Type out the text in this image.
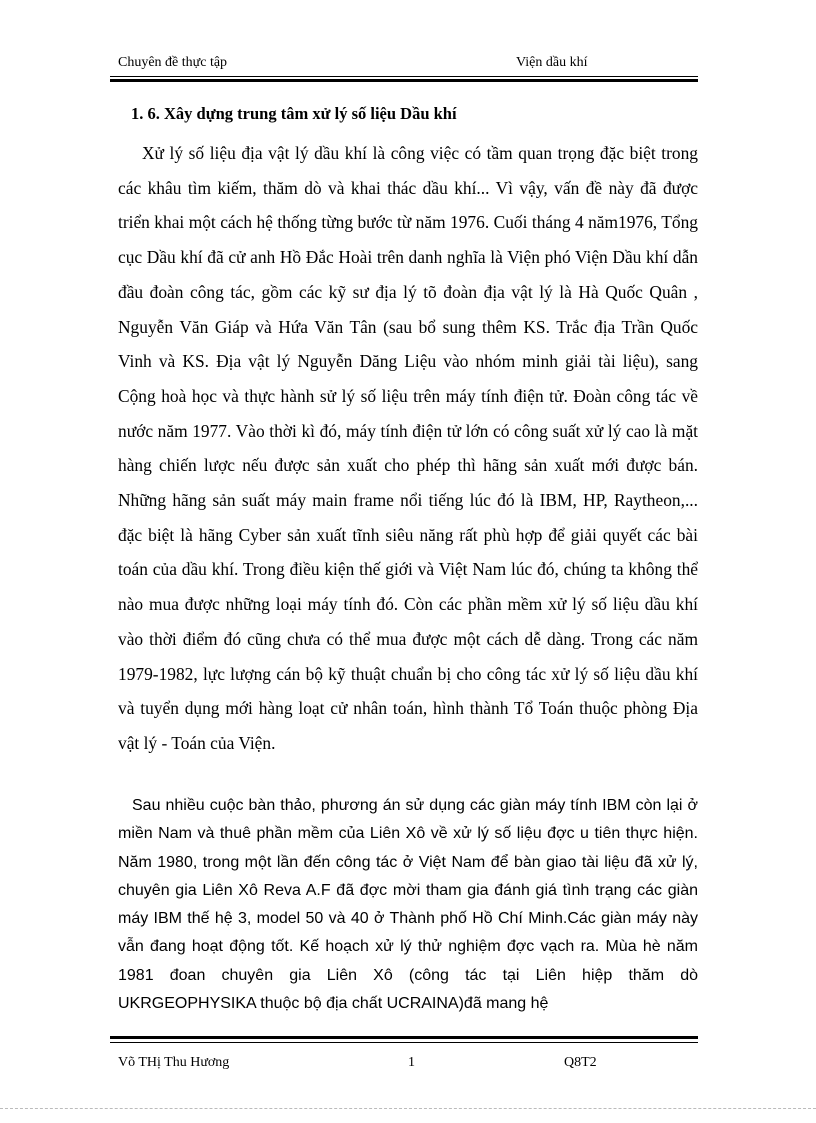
Chuyên đề thực tập	Viện dầu khí
1. 6. Xây dựng trung tâm xử lý số liệu Dầu khí

Xử lý số liệu địa vật lý dầu khí là công việc có tầm quan trọng đặc biệt trong các khâu tìm kiếm, thăm dò và khai thác dầu khí... Vì vậy, vấn đề này đã được triển khai một cách hệ thống từng bước từ năm 1976. Cuối tháng 4 năm1976, Tổng cục Dầu khí đã cử anh Hồ Đắc Hoài trên danh nghĩa là Viện phó Viện Dầu khí dẫn đầu đoàn công tác, gồm các kỹ sư địa lý tõ đoàn địa vật lý là Hà Quốc Quân , Nguyễn Văn Giáp và Hứa Văn Tân (sau bổ sung thêm KS. Trắc địa Trần Quốc Vinh và KS. Địa vật lý Nguyễn Dăng Liệu vào nhóm minh giải tài liệu), sang Cộng hoà học và thực hành sử lý số liệu trên máy tính điện tử. Đoàn công tác về nước năm 1977. Vào thời kì đó, máy tính điện tử lớn có công suất xử lý cao là mặt hàng chiến lược nếu được sản xuất cho phép thì hãng sản xuất mới được bán. Những hãng sản suất máy main frame nổi tiếng lúc đó là IBM, HP, Raytheon,... đặc biệt là hãng Cyber sản xuất tĩnh siêu năng rất phù hợp để giải quyết các bài toán của dầu khí. Trong điều kiện thế giới và Việt Nam lúc đó, chúng ta không thể nào mua được những loại máy tính đó. Còn các phần mềm xử lý số liệu dầu khí vào thời điểm đó cũng chưa có thể mua được một cách dễ dàng. Trong các năm 1979-1982, lực lượng cán bộ kỹ thuật chuẩn bị cho công tác xử lý số liệu dầu khí và tuyển dụng mới hàng loạt cử nhân toán, hình thành Tổ Toán thuộc phòng Địa vật lý - Toán của Viện.

Sau nhiều cuộc bàn thảo, phương án sử dụng các giàn máy tính IBM còn lại ở miền Nam và thuê phần mềm của Liên Xô về xử lý số liệu đợc u tiên thực hiện. Năm 1980, trong một lần đến công tác ở Việt Nam để bàn giao tài liệu đã xử lý, chuyên gia Liên Xô Reva A.F đã đợc mời tham gia đánh giá tình trạng các giàn máy IBM thế hệ 3, model 50 và 40 ở Thành phố Hồ Chí Minh.Các giàn máy này vẫn đang hoạt động tốt. Kế hoạch xử lý thử nghiệm đợc vạch ra. Mùa hè năm 1981 đoan chuyên gia Liên Xô (công tác tại Liên hiệp thăm dò UKRGEOPHYSIKA thuộc bộ địa chất UCRAINA)đã mang hệ

Võ THị Thu Hương	1	Q8T2
